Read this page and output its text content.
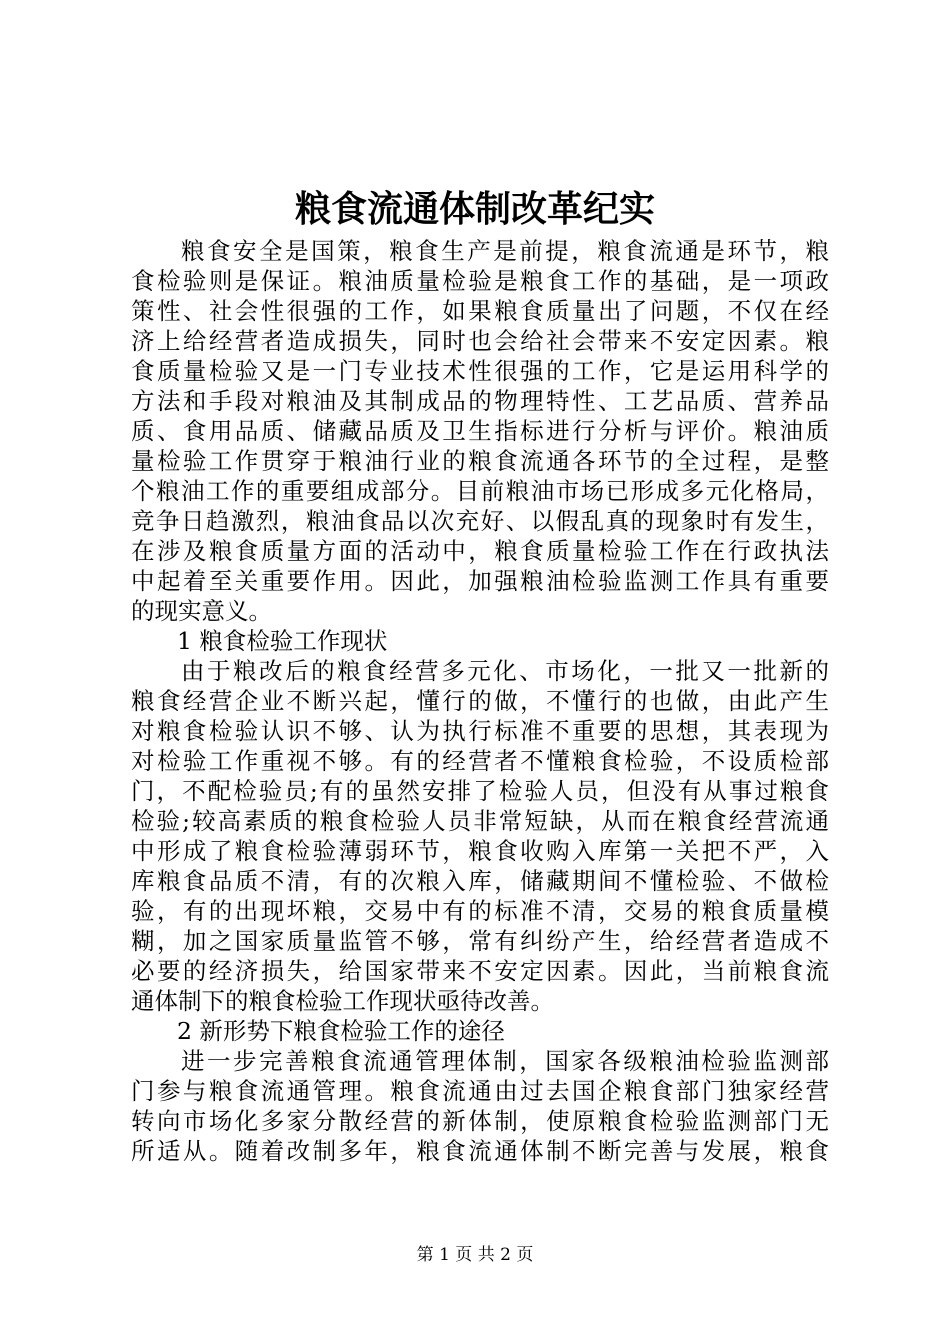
粮食流通体制改革纪实
粮食安全是国策，粮食生产是前提，粮食流通是环节，粮
食检验则是保证。粮油质量检验是粮食工作的基础，是一项政
策性、社会性很强的工作，如果粮食质量出了问题，不仅在经
济上给经营者造成损失，同时也会给社会带来不安定因素。粮
食质量检验又是一门专业技术性很强的工作，它是运用科学的
方法和手段对粮油及其制成品的物理特性、工艺品质、营养品
质、食用品质、储藏品质及卫生指标进行分析与评价。粮油质
量检验工作贯穿于粮油行业的粮食流通各环节的全过程，是整
个粮油工作的重要组成部分。目前粮油市场已形成多元化格局，
竞争日趋激烈，粮油食品以次充好、以假乱真的现象时有发生，
在涉及粮食质量方面的活动中，粮食质量检验工作在行政执法
中起着至关重要作用。因此，加强粮油检验监测工作具有重要
的现实意义。
1 粮食检验工作现状
由于粮改后的粮食经营多元化、市场化，一批又一批新的
粮食经营企业不断兴起，懂行的做，不懂行的也做，由此产生
对粮食检验认识不够、认为执行标准不重要的思想，其表现为
对检验工作重视不够。有的经营者不懂粮食检验，不设质检部
门，不配检验员;有的虽然安排了检验人员，但没有从事过粮食
检验;较高素质的粮食检验人员非常短缺，从而在粮食经营流通
中形成了粮食检验薄弱环节，粮食收购入库第一关把不严，入
库粮食品质不清，有的次粮入库，储藏期间不懂检验、不做检
验，有的出现坏粮，交易中有的标准不清，交易的粮食质量模
糊，加之国家质量监管不够，常有纠纷产生，给经营者造成不
必要的经济损失，给国家带来不安定因素。因此，当前粮食流
通体制下的粮食检验工作现状亟待改善。
2 新形势下粮食检验工作的途径
进一步完善粮食流通管理体制，国家各级粮油检验监测部
门参与粮食流通管理。粮食流通由过去国企粮食部门独家经营
转向市场化多家分散经营的新体制，使原粮食检验监测部门无
所适从。随着改制多年，粮食流通体制不断完善与发展，粮食
第 1 页 共 2 页
